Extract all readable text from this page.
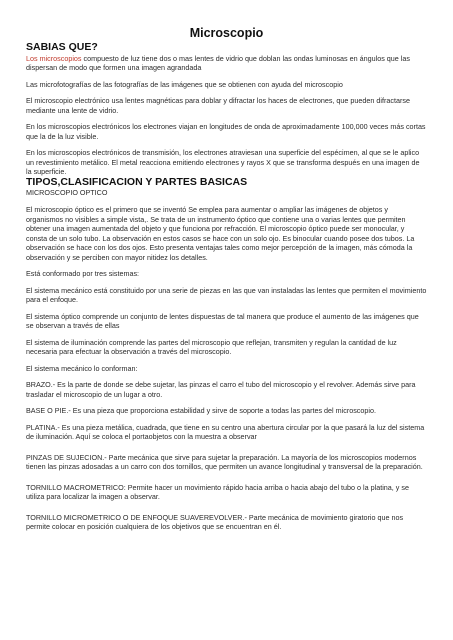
Microscopio
SABIAS QUE?

Los microscopios compuesto de luz tiene dos o mas lentes de vidrio que doblan las ondas luminosas en ángulos que las dispersan de modo que formen una imagen agrandada

Las microfotografías de las fotografías de las imágenes que se obtienen con ayuda del microscopio

El microscopio electrónico usa lentes magnéticas para doblar y difractar los haces de electrones, que pueden difractarse mediante una lente de vidrio.

En los microscopios electrónicos los electrones viajan en longitudes de onda de aproximadamente 100,000 veces más cortas que la de la luz visible.

En los microscopios electrónicos de transmisión, los electrones atraviesan una superficie del espécimen, al que se le aplico un revestimiento metálico. El metal reacciona emitiendo electrones y rayos X que se transforma después en una imagen de la superficie.

TIPOS,CLASIFICACION Y PARTES BASICAS
MICROSCOPIO OPTICO

El microscopio óptico es el primero que se inventó Se emplea para aumentar o ampliar las imágenes de objetos y organismos no visibles a simple vista,. Se trata de un instrumento óptico que contiene una o varias lentes que permiten obtener una imagen aumentada del objeto y que funciona por refracción. El microscopio óptico puede ser monocular, y consta de un solo tubo. La observación en estos casos se hace con un solo ojo. Es binocular cuando posee dos tubos. La observación se hace con los dos ojos. Esto presenta ventajas tales como mejor percepción de la imagen, más cómoda la observación y se perciben con mayor nitidez los detalles.

Está conformado por tres sistemas:

El sistema mecánico está constituido por una serie de piezas en las que van instaladas las lentes que permiten el movimiento para el enfoque.

El sistema óptico comprende un conjunto de lentes dispuestas de tal manera que produce el aumento de las imágenes que se observan a través de ellas

El sistema de iluminación comprende las partes del microscopio que reflejan, transmiten y regulan la cantidad de luz necesaria para efectuar la observación a través del microscopio.

El sistema mecánico lo conforman:

BRAZO.- Es la parte de donde se debe sujetar, las pinzas el carro el tubo del microscopio y el revolver. Además sirve para trasladar el microscopio de un lugar a otro.

BASE O PIE.- Es una pieza que proporciona estabilidad y sirve de soporte a todas las partes del microscopio.

PLATINA.- Es una pieza metálica, cuadrada, que tiene en su centro una abertura circular por la que pasará la luz del sistema de iluminación. Aquí se coloca el portaobjetos con la muestra a observar

PINZAS DE SUJECION.- Parte mecánica que sirve para sujetar la preparación. La mayoría de los microscopios modernos tienen las pinzas adosadas a un carro con dos tornillos, que permiten un avance longitudinal y transversal de la preparación.

TORNILLO MACROMETRICO: Permite hacer un movimiento rápido hacia arriba o hacia abajo del tubo o la platina, y se utiliza para localizar la imagen a observar.

TORNILLO MICROMETRICO O DE ENFOQUE SUAVEREVOLVER.- Parte mecánica de movimiento giratorio que nos permite colocar en posición cualquiera de los objetivos que se encuentran en él.
